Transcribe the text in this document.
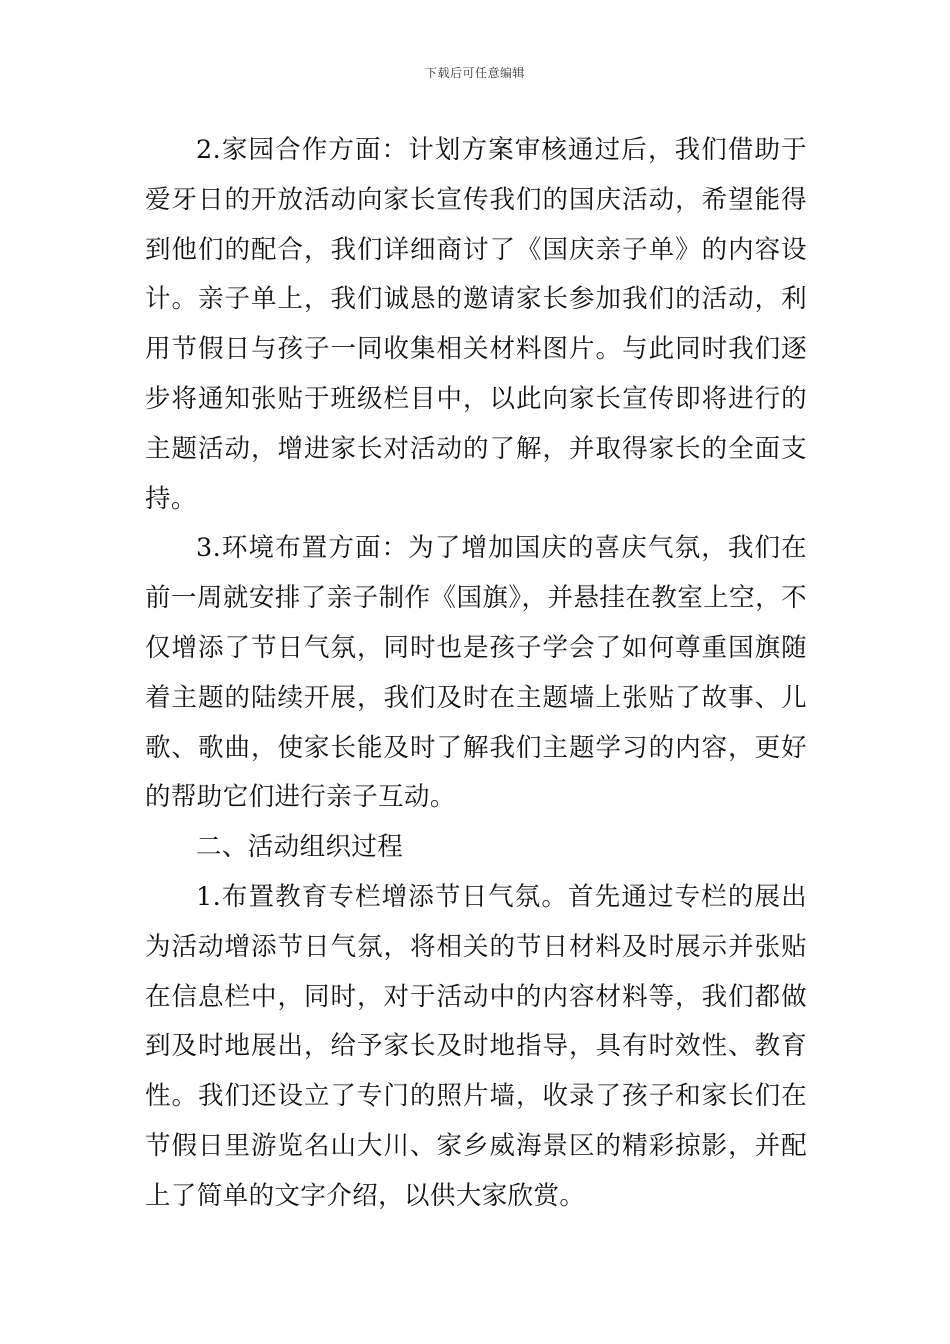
下载后可任意编辑

2.家园合作方面：计划方案审核通过后，我们借助于爱牙日的开放活动向家长宣传我们的国庆活动，希望能得到他们的配合，我们详细商讨了《国庆亲子单》的内容设计。亲子单上，我们诚恳的邀请家长参加我们的活动，利用节假日与孩子一同收集相关材料图片。与此同时我们逐步将通知张贴于班级栏目中，以此向家长宣传即将进行的主题活动，增进家长对活动的了解，并取得家长的全面支持。

3.环境布置方面：为了增加国庆的喜庆气氛，我们在前一周就安排了亲子制作《国旗》，并悬挂在教室上空，不仅增添了节日气氛，同时也是孩子学会了如何尊重国旗随着主题的陆续开展，我们及时在主题墙上张贴了故事、儿歌、歌曲，使家长能及时了解我们主题学习的内容，更好的帮助它们进行亲子互动。

二、活动组织过程

1.布置教育专栏增添节日气氛。首先通过专栏的展出为活动增添节日气氛，将相关的节日材料及时展示并张贴在信息栏中，同时，对于活动中的内容材料等，我们都做到及时地展出，给予家长及时地指导，具有时效性、教育性。我们还设立了专门的照片墙，收录了孩子和家长们在节假日里游览名山大川、家乡威海景区的精彩掠影，并配上了简单的文字介绍，以供大家欣赏。
